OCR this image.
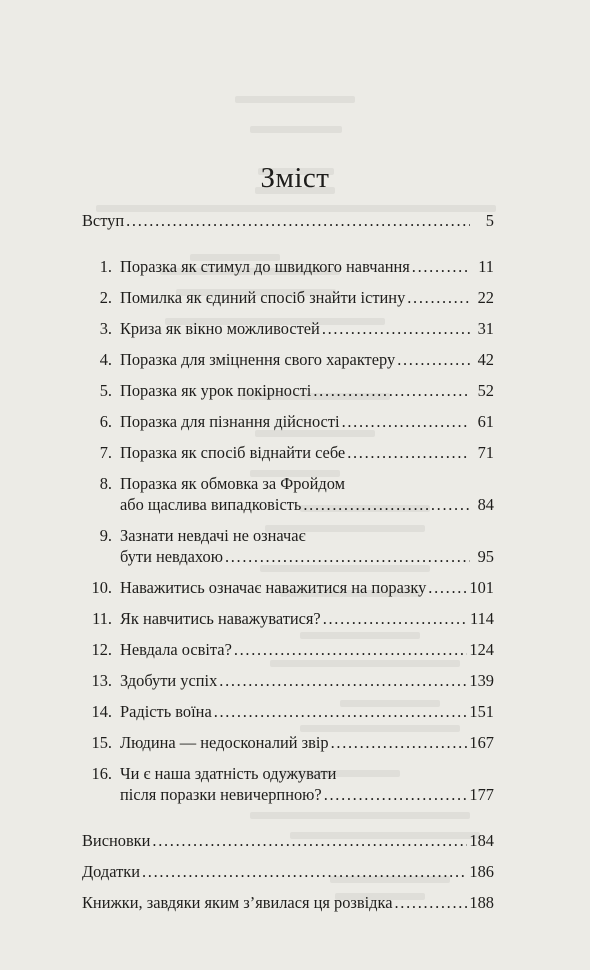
Зміст
Вступ . . .	5
1. Поразка як стимул до швидкого навчання . . .	11
2. Помилка як єдиний спосіб знайти істину . . .	22
3. Криза як вікно можливостей . . .	31
4. Поразка для зміцнення свого характеру . . .	42
5. Поразка як урок покірності . . .	52
6. Поразка для пізнання дійсності . . .	61
7. Поразка як спосіб віднайти себе . . .	71
8. Поразка як обмовка за Фройдом
або щаслива випадковість . . .	84
9. Зазнати невдачі не означає
бути невдахою . . .	95
10. Наважитись означає наважитися на поразку . . .	101
11. Як навчитись наважуватися? . . .	114
12. Невдала освіта? . . .	124
13. Здобути успіх . . .	139
14. Радість воїна . . .	151
15. Людина — недосконалий звір . . .	167
16. Чи є наша здатність одужувати
після поразки невичерпною? . . .	177
Висновки . . .	184
Додатки . . .	186
Книжки, завдяки яким з’явилася ця розвідка . . .	188
